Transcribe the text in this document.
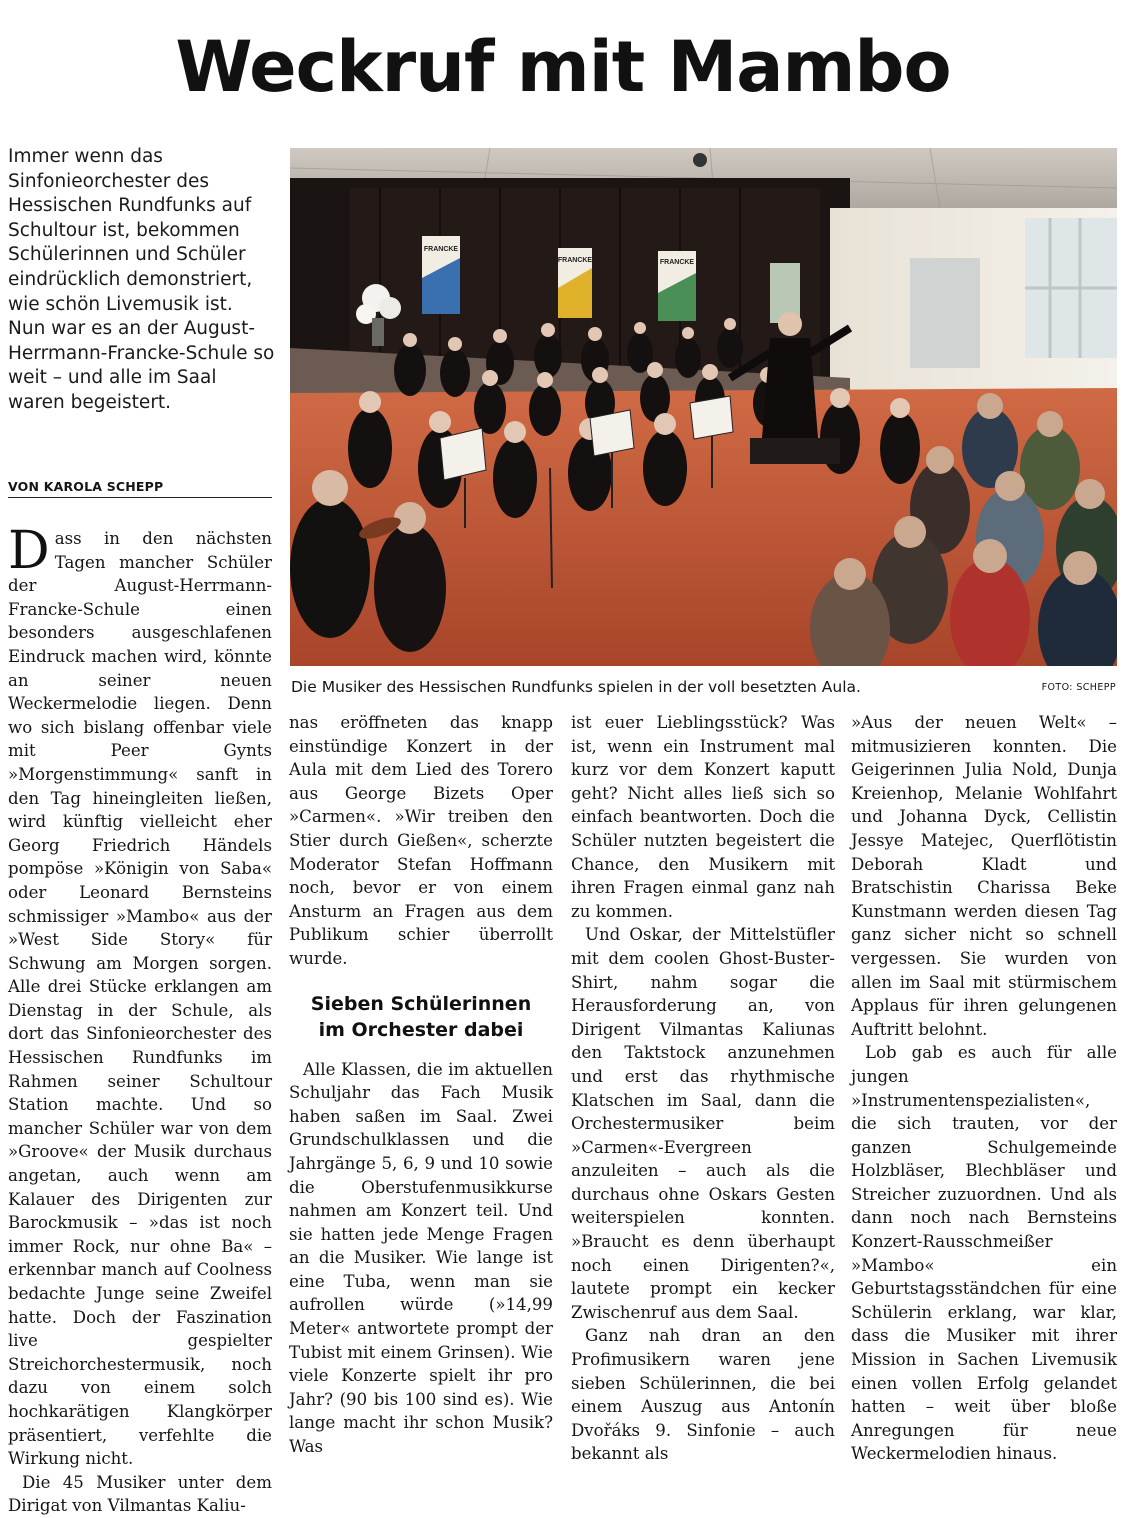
Weckruf mit Mambo

Immer wenn das Sinfonieorchester des Hessischen Rundfunks auf Schultour ist, bekommen Schülerinnen und Schüler eindrücklich demonstriert, wie schön Livemusik ist.

Nun war es an der August-Herrmann-Francke-Schule so weit – und alle im Saal waren begeistert.

VON KAROLA SCHEPP
FRANCKE
FRANCKE	FRANCKE
Die Musiker des Hessischen Rundfunks spielen in der voll besetzten Aula.	FOTO: SCHEPP

Dass in den nächsten Tagen mancher Schüler der August-Herrmann-Francke-Schule einen besonders ausgeschlafenen Eindruck machen wird, könnte an seiner neuen Weckermelodie liegen. Denn wo sich bislang offenbar viele mit Peer Gynts »Morgenstimmung« sanft in den Tag hineingleiten ließen, wird künftig vielleicht eher Georg Friedrich Händels pompöse »Königin von Saba« oder Leonard Bernsteins schmissiger »Mambo« aus der »West Side Story« für Schwung am Morgen sorgen. Alle drei Stücke erklangen am Dienstag in der Schule, als dort das Sinfonieorchester des Hessischen Rundfunks im Rahmen seiner Schultour Station machte. Und so mancher Schüler war von dem »Groove« der Musik durchaus angetan, auch wenn am Kalauer des Dirigenten zur Barockmusik – »das ist noch immer Rock, nur ohne Ba« – erkennbar manch auf Coolness bedachte Junge seine Zweifel hatte. Doch der Faszination live gespielter Streichorchestermusik, noch dazu von einem solch hochkarätigen Klangkörper präsentiert, verfehlte die Wirkung nicht.

Die 45 Musiker unter dem Dirigat von Vilmantas Kaliu-

nas eröffneten das knapp einstündige Konzert in der Aula mit dem Lied des Torero aus George Bizets Oper »Carmen«. »Wir treiben den Stier durch Gießen«, scherzte Moderator Stefan Hoffmann noch, bevor er von einem Ansturm an Fragen aus dem Publikum schier überrollt wurde.

Sieben Schülerinnen
im Orchester dabei

Alle Klassen, die im aktuellen Schuljahr das Fach Musik haben saßen im Saal. Zwei Grundschulklassen und die Jahrgänge 5, 6, 9 und 10 sowie die Oberstufenmusikkurse nahmen am Konzert teil. Und sie hatten jede Menge Fragen an die Musiker. Wie lange ist eine Tuba, wenn man sie aufrollen würde (»14,99 Meter« antwortete prompt der Tubist mit einem Grinsen). Wie viele Konzerte spielt ihr pro Jahr? (90 bis 100 sind es). Wie lange macht ihr schon Musik? Was

ist euer Lieblingsstück? Was ist, wenn ein Instrument mal kurz vor dem Konzert kaputt geht? Nicht alles ließ sich so einfach beantworten. Doch die Schüler nutzten begeistert die Chance, den Musikern mit ihren Fragen einmal ganz nah zu kommen.

Und Oskar, der Mittelstüfler mit dem coolen Ghost-Buster-Shirt, nahm sogar die Herausforderung an, von Dirigent Vilmantas Kaliunas den Taktstock anzunehmen und erst das rhythmische Klatschen im Saal, dann die Orchestermusiker beim »Carmen«-Evergreen anzuleiten – auch als die durchaus ohne Oskars Gesten weiterspielen konnten. »Braucht es denn überhaupt noch einen Dirigenten?«, lautete prompt ein kecker Zwischenruf aus dem Saal.

Ganz nah dran an den Profimusikern waren jene sieben Schülerinnen, die bei einem Auszug aus Antonín Dvořáks 9. Sinfonie – auch bekannt als

»Aus der neuen Welt« – mitmusizieren konnten. Die Geigerinnen Julia Nold, Dunja Kreienhop, Melanie Wohlfahrt und Johanna Dyck, Cellistin Jessye Matejec, Querflötistin Deborah Kladt und Bratschistin Charissa Beke Kunstmann werden diesen Tag ganz sicher nicht so schnell vergessen. Sie wurden von allen im Saal mit stürmischem Applaus für ihren gelungenen Auftritt belohnt.

Lob gab es auch für alle jungen »Instrumentenspezialisten«, die sich trauten, vor der ganzen Schulgemeinde Holzbläser, Blechbläser und Streicher zuzuordnen. Und als dann noch nach Bernsteins Konzert-Rausschmeißer »Mambo« ein Geburtstagsständchen für eine Schülerin erklang, war klar, dass die Musiker mit ihrer Mission in Sachen Livemusik einen vollen Erfolg gelandet hatten – weit über bloße Anregungen für neue Weckermelodien hinaus.
